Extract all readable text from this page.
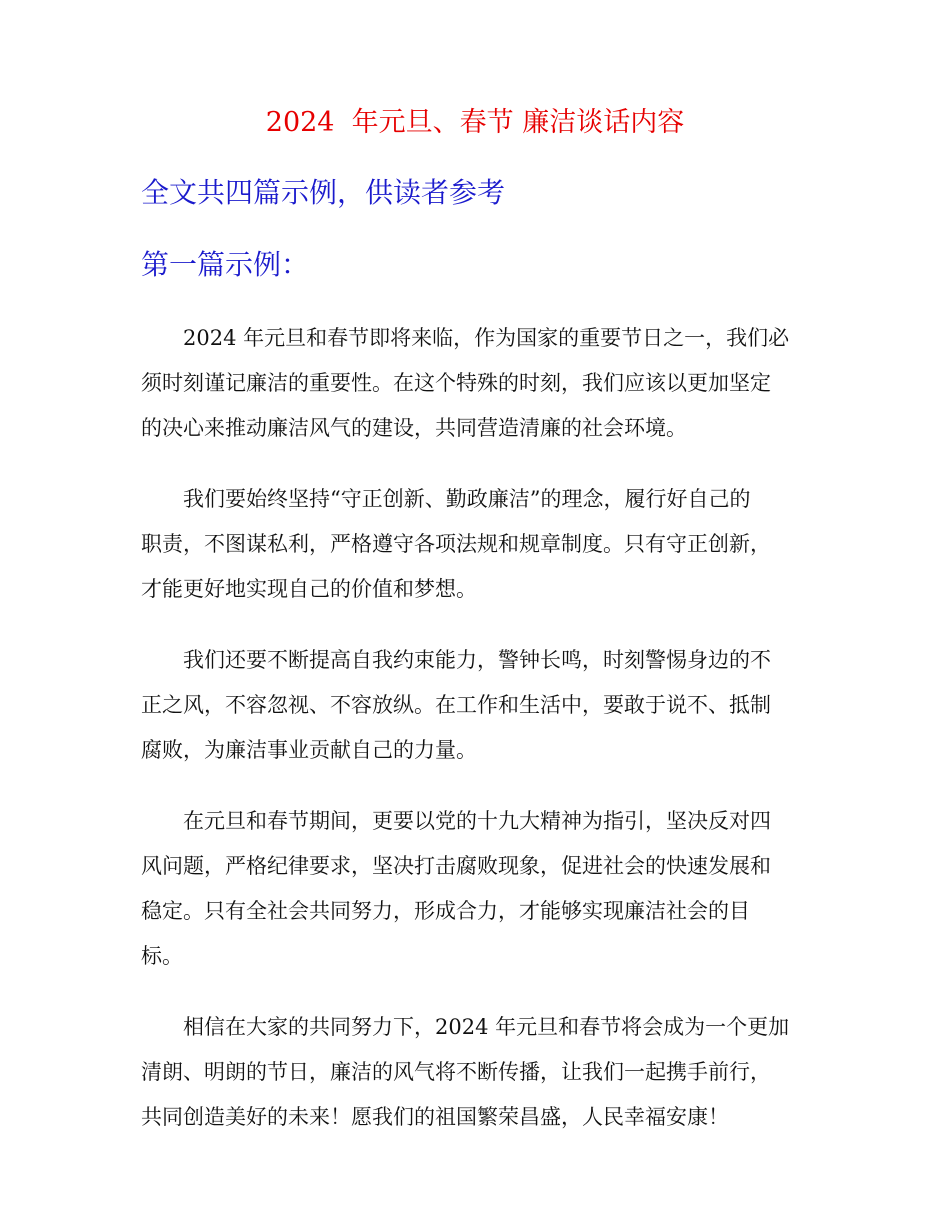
2024  年元旦、春节 廉洁谈话内容
全文共四篇示例，供读者参考
第一篇示例：

2024 年元旦和春节即将来临，作为国家的重要节日之一，我们必
须时刻谨记廉洁的重要性。在这个特殊的时刻，我们应该以更加坚定
的决心来推动廉洁风气的建设，共同营造清廉的社会环境。

我们要始终坚持“守正创新、勤政廉洁”的理念，履行好自己的
职责，不图谋私利，严格遵守各项法规和规章制度。只有守正创新，
才能更好地实现自己的价值和梦想。

我们还要不断提高自我约束能力，警钟长鸣，时刻警惕身边的不
正之风，不容忽视、不容放纵。在工作和生活中，要敢于说不、抵制
腐败，为廉洁事业贡献自己的力量。

在元旦和春节期间，更要以党的十九大精神为指引，坚决反对四
风问题，严格纪律要求，坚决打击腐败现象，促进社会的快速发展和
稳定。只有全社会共同努力，形成合力，才能够实现廉洁社会的目
标。

相信在大家的共同努力下，2024 年元旦和春节将会成为一个更加
清朗、明朗的节日，廉洁的风气将不断传播，让我们一起携手前行，
共同创造美好的未来！愿我们的祖国繁荣昌盛，人民幸福安康！
